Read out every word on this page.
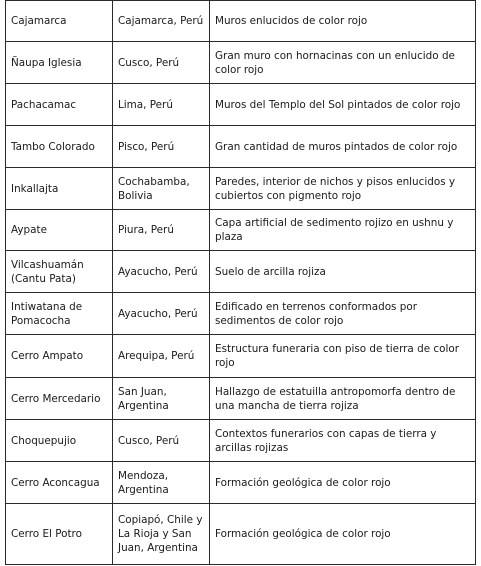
Cajamarca	Cajamarca, Perú	Muros enlucidos de color rojo
Ñaupa Iglesia	Cusco, Perú	Gran muro con hornacinas con un enlucido de color rojo
Pachacamac	Lima, Perú	Muros del Templo del Sol pintados de color rojo
Tambo Colorado	Pisco, Perú	Gran cantidad de muros pintados de color rojo
Inkallajta	Cochabamba, Bolivia	Paredes, interior de nichos y pisos enlucidos y cubiertos con pigmento rojo
Aypate	Piura, Perú	Capa artificial de sedimento rojizo en ushnu y plaza
Vilcashuamán (Cantu Pata)	Ayacucho, Perú	Suelo de arcilla rojiza
Intiwatana de Pomacocha	Ayacucho, Perú	Edificado en terrenos conformados por sedimentos de color rojo
Cerro Ampato	Arequipa, Perú	Estructura funeraria con piso de tierra de color rojo
Cerro Mercedario	San Juan, Argentina	Hallazgo de estatuilla antropomorfa dentro de una mancha de tierra rojiza
Choquepujio	Cusco, Perú	Contextos funerarios con capas de tierra y arcillas rojizas
Cerro Aconcagua	Mendoza, Argentina	Formación geológica de color rojo
Cerro El Potro	Copiapó, Chile y La Rioja y San Juan, Argentina	Formación geológica de color rojo
